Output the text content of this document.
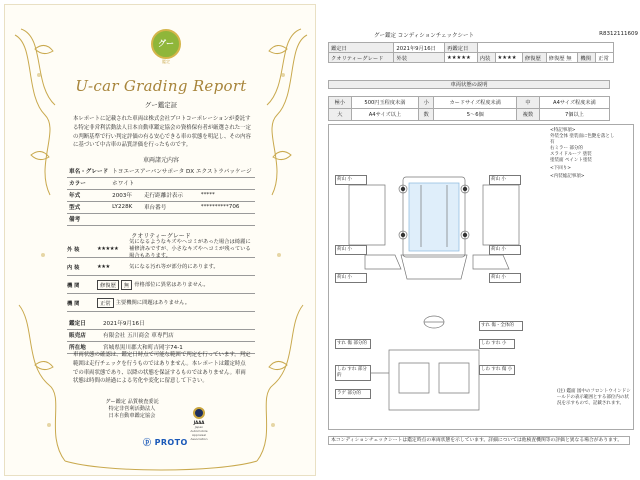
グー
鑑定
U-car Grading Report
グー鑑定証
本レポートに記載された車両は株式会社プロトコーポレーションが委託する特定非営利活動法人日本自動車鑑定協会の資格保有者が厳選された一定の判断基準で行い判定評価の有る安心できる車の状態を明記し、その内容に基づいて中古車の品質評価を行ったものです。
車両諸元内容
車名・グレード	トヨエースアーバンサポータ DX エクストラパッケージ		
カラー	ホワイト		
年式	2003年	走行距離計表示	*****
型式	LY228K	車台番号	**********706
備考			
クオリティーグレード
外 装	★★★★★
気になるようなキズやヘコミがあった場合は綺麗に補修済みですが、小さなキズやヘコミが残っている場合もあります。
内 装	★★★	気になる汚れ等が部分的にあります。
機 関	修復歴	無 骨格部位に異常はありません。
機 関	正常 主要機関に問題はありません。
鑑定日	2021年9月16日
販売店	有限会社 五川商会 車専門店
所在地	宮城県黒川郡大和町吉岡字74-1
車両状態の確認は、鑑定日時点で可能な範囲で判定を行っています。判定範囲は走行チェックを行うものではありません。本レポートは鑑定時点での車両状態であり、以降の状態を保証するものではありません。車両状態は時間の経過による劣化や変化に留意して下さい。
グー鑑定 品質検査委託
特定非営利活動法人
日本自動車鑑定協会
JAAA
Japan Automobile Appraisal Association
ⓟ PROTO
グー鑑定 コンディションチェックシート	R8312111609
鑑定日	2021年9月16日	再鑑定日						
クオリティーグレード	外装	★★★★★	内装	★★★★	修復歴	修復歴 無	機関	正常
車両状態の説明
極小	500円玉程度未満	小	カードサイズ程度未満	中	A4サイズ程度未満
大	A4サイズ以上	数	5〜6個	複数	7個以上
荷山 小
荷山 小
荷山 小
荷山 小
荷山 小
荷山 小
すれ 傷・全体的
すれ 傷 部分的	しわ すれ 小
しわ すれ 部分的
しわ すれ 傷 小
ラゲ 部分的
<特記事項>
外装全体 塗装面に色艶を落とし
有
右ミラー 部分的
スライドルーフ 塗装
塗装面 ペイント塗装
<下回り>
<内装総記事項>
(注) 鑑面 図中のフロントウインドシールドの表示範囲とする部位内の状況を示すもので、記載されます。
本コンディションチェックシートは鑑定時点の車両状態を示しています。詳細については他検査機関等の評価と異なる場合があります。
